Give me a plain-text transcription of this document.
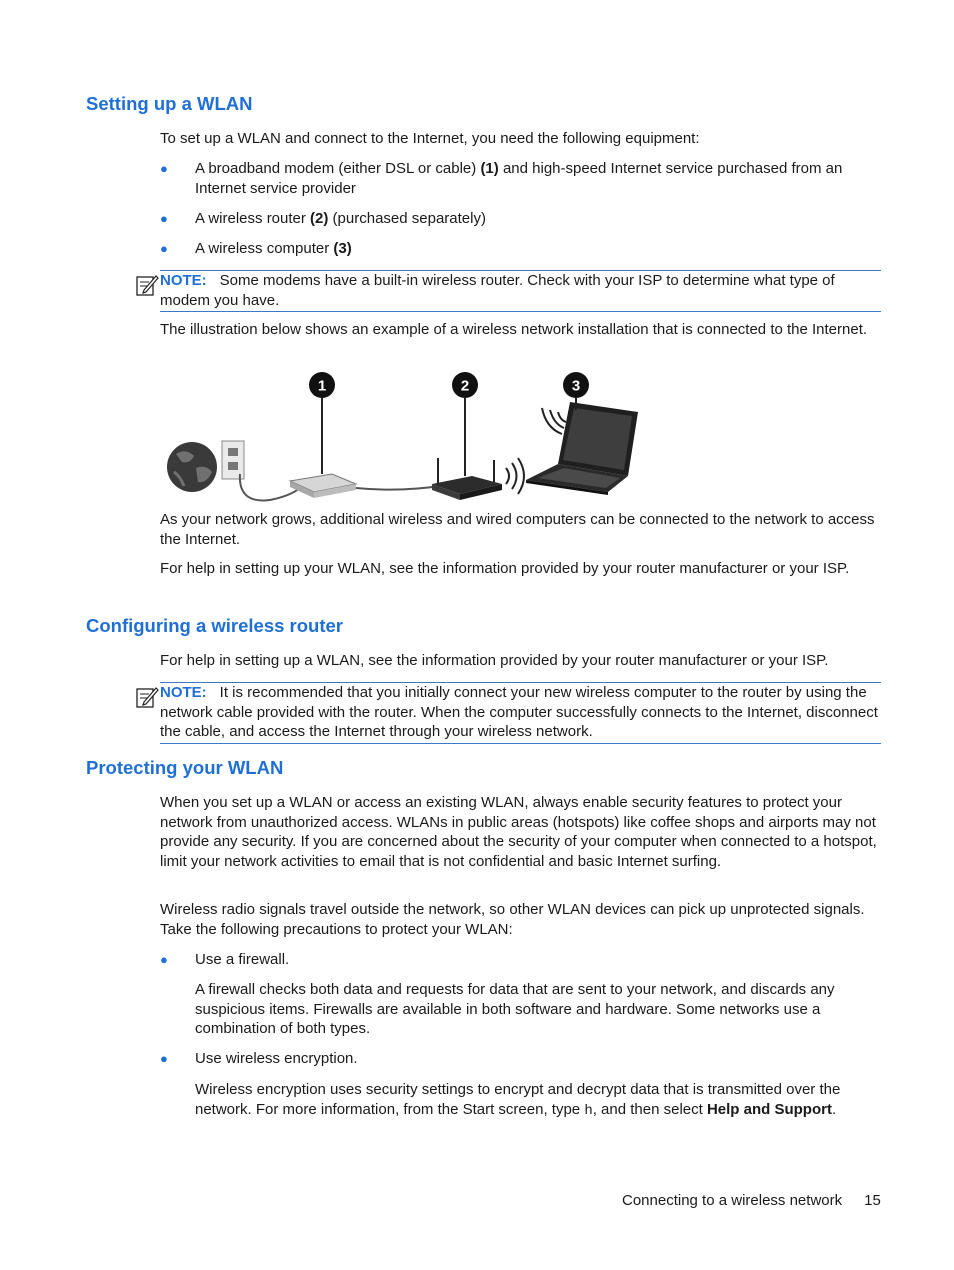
Setting up a WLAN

To set up a WLAN and connect to the Internet, you need the following equipment:

● A broadband modem (either DSL or cable) (1) and high-speed Internet service purchased from an Internet service provider
● A wireless router (2) (purchased separately)
● A wireless computer (3)
NOTE: Some modems have a built-in wireless router. Check with your ISP to determine what type of modem you have.

The illustration below shows an example of a wireless network installation that is connected to the Internet.

1	2	3

As your network grows, additional wireless and wired computers can be connected to the network to access the Internet.

For help in setting up your WLAN, see the information provided by your router manufacturer or your ISP.

Configuring a wireless router

For help in setting up a WLAN, see the information provided by your router manufacturer or your ISP.

NOTE: It is recommended that you initially connect your new wireless computer to the router by using the network cable provided with the router. When the computer successfully connects to the Internet, disconnect the cable, and access the Internet through your wireless network.
Protecting your WLAN

When you set up a WLAN or access an existing WLAN, always enable security features to protect your network from unauthorized access. WLANs in public areas (hotspots) like coffee shops and airports may not provide any security. If you are concerned about the security of your computer when connected to a hotspot, limit your network activities to email that is not confidential and basic Internet surfing.

Wireless radio signals travel outside the network, so other WLAN devices can pick up unprotected signals. Take the following precautions to protect your WLAN:

● Use a firewall.

A firewall checks both data and requests for data that are sent to your network, and discards any suspicious items. Firewalls are available in both software and hardware. Some networks use a combination of both types.

● Use wireless encryption.

Wireless encryption uses security settings to encrypt and decrypt data that is transmitted over the network. For more information, from the Start screen, type h, and then select Help and Support.

Connecting to a wireless network 15
